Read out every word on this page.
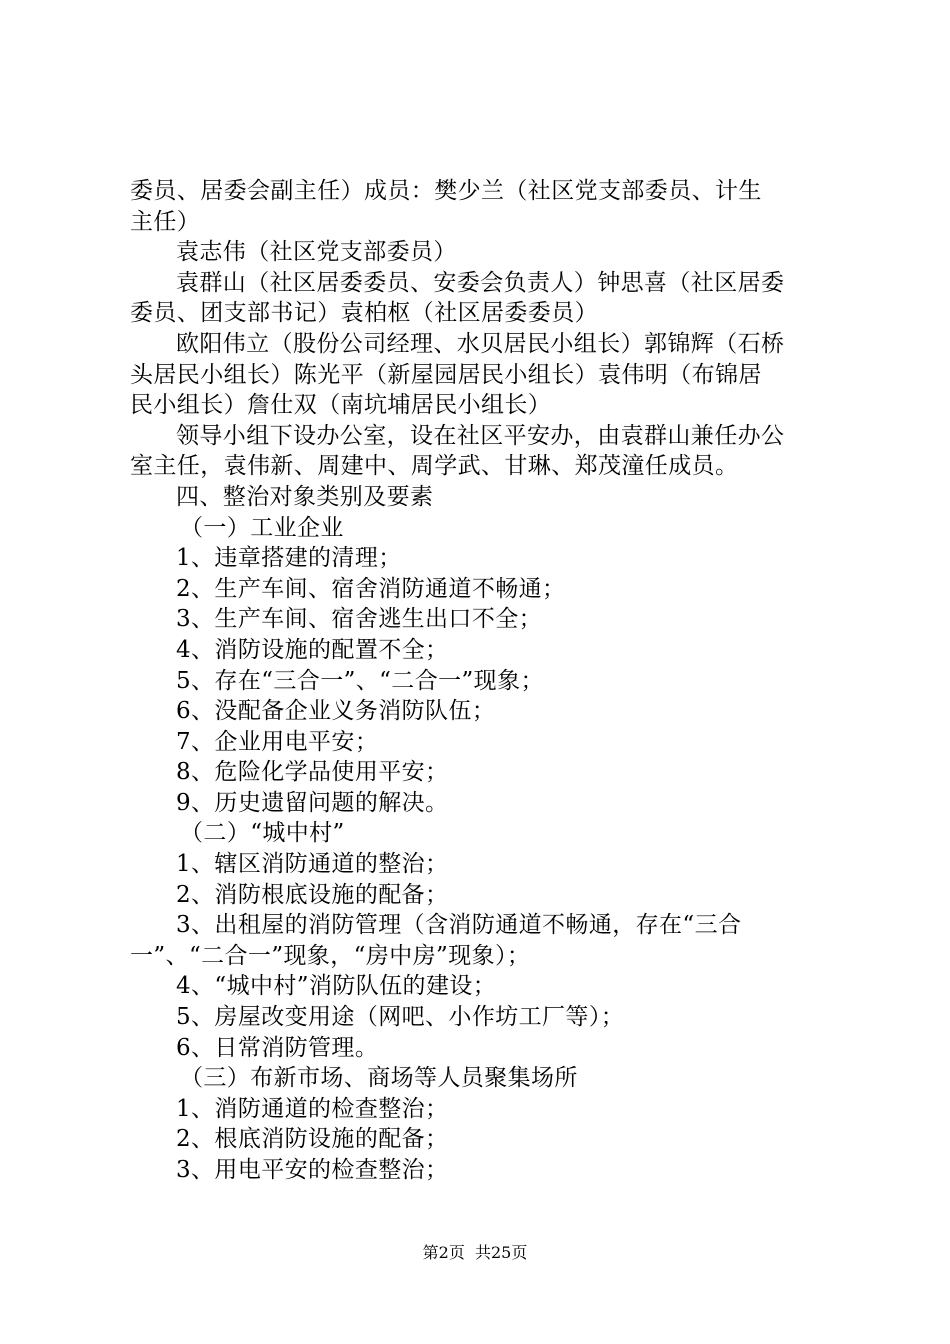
委员、居委会副主任）成员：樊少兰（社区党支部委员、计生
主任）
袁志伟（社区党支部委员）
袁群山（社区居委委员、安委会负责人）钟思喜（社区居委
委员、团支部书记）袁柏枢（社区居委委员）
欧阳伟立（股份公司经理、水贝居民小组长）郭锦辉（石桥
头居民小组长）陈光平（新屋园居民小组长）袁伟明（布锦居
民小组长）詹仕双（南坑埔居民小组长）
领导小组下设办公室，设在社区平安办，由袁群山兼任办公
室主任，袁伟新、周建中、周学武、甘琳、郑茂潼任成员。
四、整治对象类别及要素
（一）工业企业
1、违章搭建的清理；
2、生产车间、宿舍消防通道不畅通；
3、生产车间、宿舍逃生出口不全；
4、消防设施的配置不全；
5、存在“三合一”、“二合一”现象；
6、没配备企业义务消防队伍；
7、企业用电平安；
8、危险化学品使用平安；
9、历史遗留问题的解决。
（二）“城中村”
1、辖区消防通道的整治；
2、消防根底设施的配备；
3、出租屋的消防管理（含消防通道不畅通，存在“三合
一”、“二合一”现象，“房中房”现象）；
4、“城中村”消防队伍的建设；
5、房屋改变用途（网吧、小作坊工厂等）；
6、日常消防管理。
（三）布新市场、商场等人员聚集场所
1、消防通道的检查整治；
2、根底消防设施的配备；
3、用电平安的检查整治；
第2页  共25页
